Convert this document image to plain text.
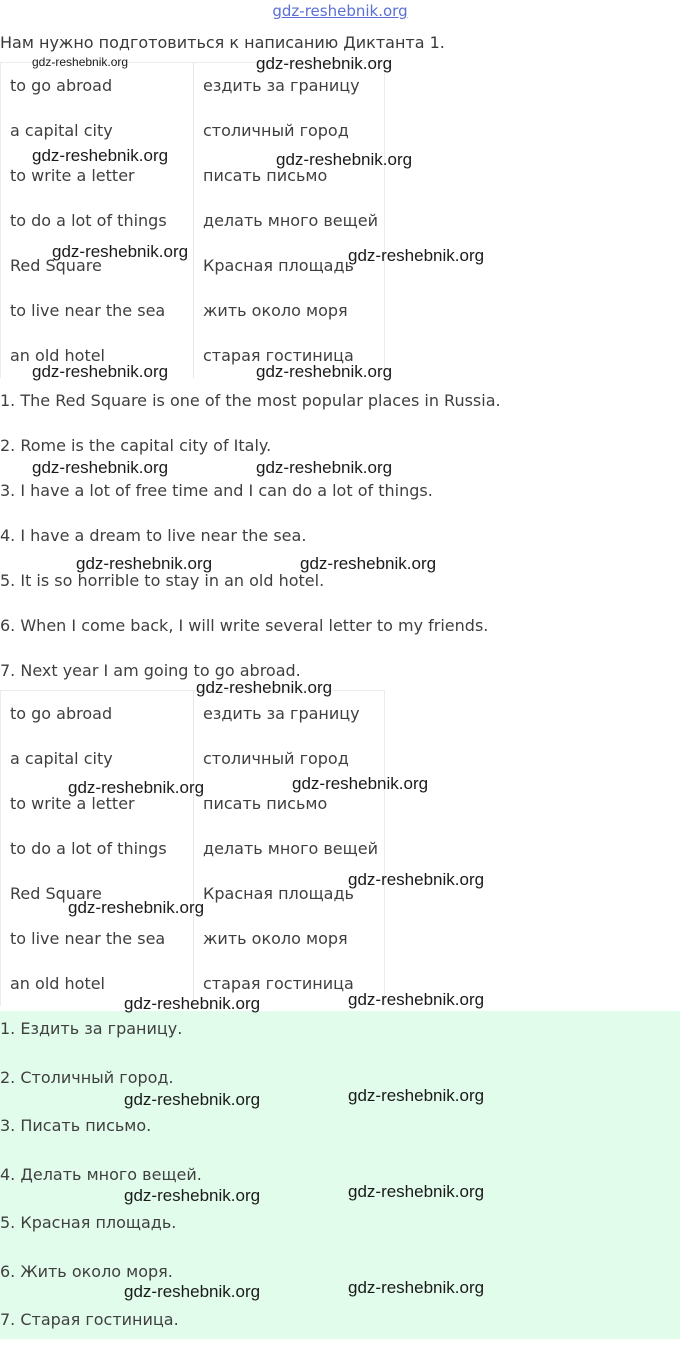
gdz-reshebnik.org

Нам нужно подготовиться к написанию Диктанта 1.

to go abroad	ездить за границу
a capital city	столичный город
to write a letter	писать письмо
to do a lot of things	делать много вещей
Red Square	Красная площадь
to live near the sea	жить около моря
an old hotel	старая гостиница
1. The Red Square is one of the most popular places in Russia.
2. Rome is the capital city of Italy.
3. I have a lot of free time and I can do a lot of things.
4. I have a dream to live near the sea.
5. It is so horrible to stay in an old hotel.
6. When I come back, I will write several letter to my friends.
7. Next year I am going to go abroad.
to go abroad	ездить за границу
a capital city	столичный город
to write a letter	писать письмо
to do a lot of things	делать много вещей
Red Square	Красная площадь
to live near the sea	жить около моря
an old hotel	старая гостиница
1. Ездить за границу.
2. Столичный город.
3. Писать письмо.
4. Делать много вещей.
5. Красная площадь.
6. Жить около моря.
7. Старая гостиница.

gdz-reshebnik.org	gdz-reshebnik.org

gdz-reshebnik.org	gdz-reshebnik.org

gdz-reshebnik.org	gdz-reshebnik.org

gdz-reshebnik.org	gdz-reshebnik.org

gdz-reshebnik.org	gdz-reshebnik.org

gdz-reshebnik.org	gdz-reshebnik.org

gdz-reshebnik.org

gdz-reshebnik.org	gdz-reshebnik.org

gdz-reshebnik.org

gdz-reshebnik.org

gdz-reshebnik.org	gdz-reshebnik.org

gdz-reshebnik.org	gdz-reshebnik.org

gdz-reshebnik.org	gdz-reshebnik.org

gdz-reshebnik.org	gdz-reshebnik.org
